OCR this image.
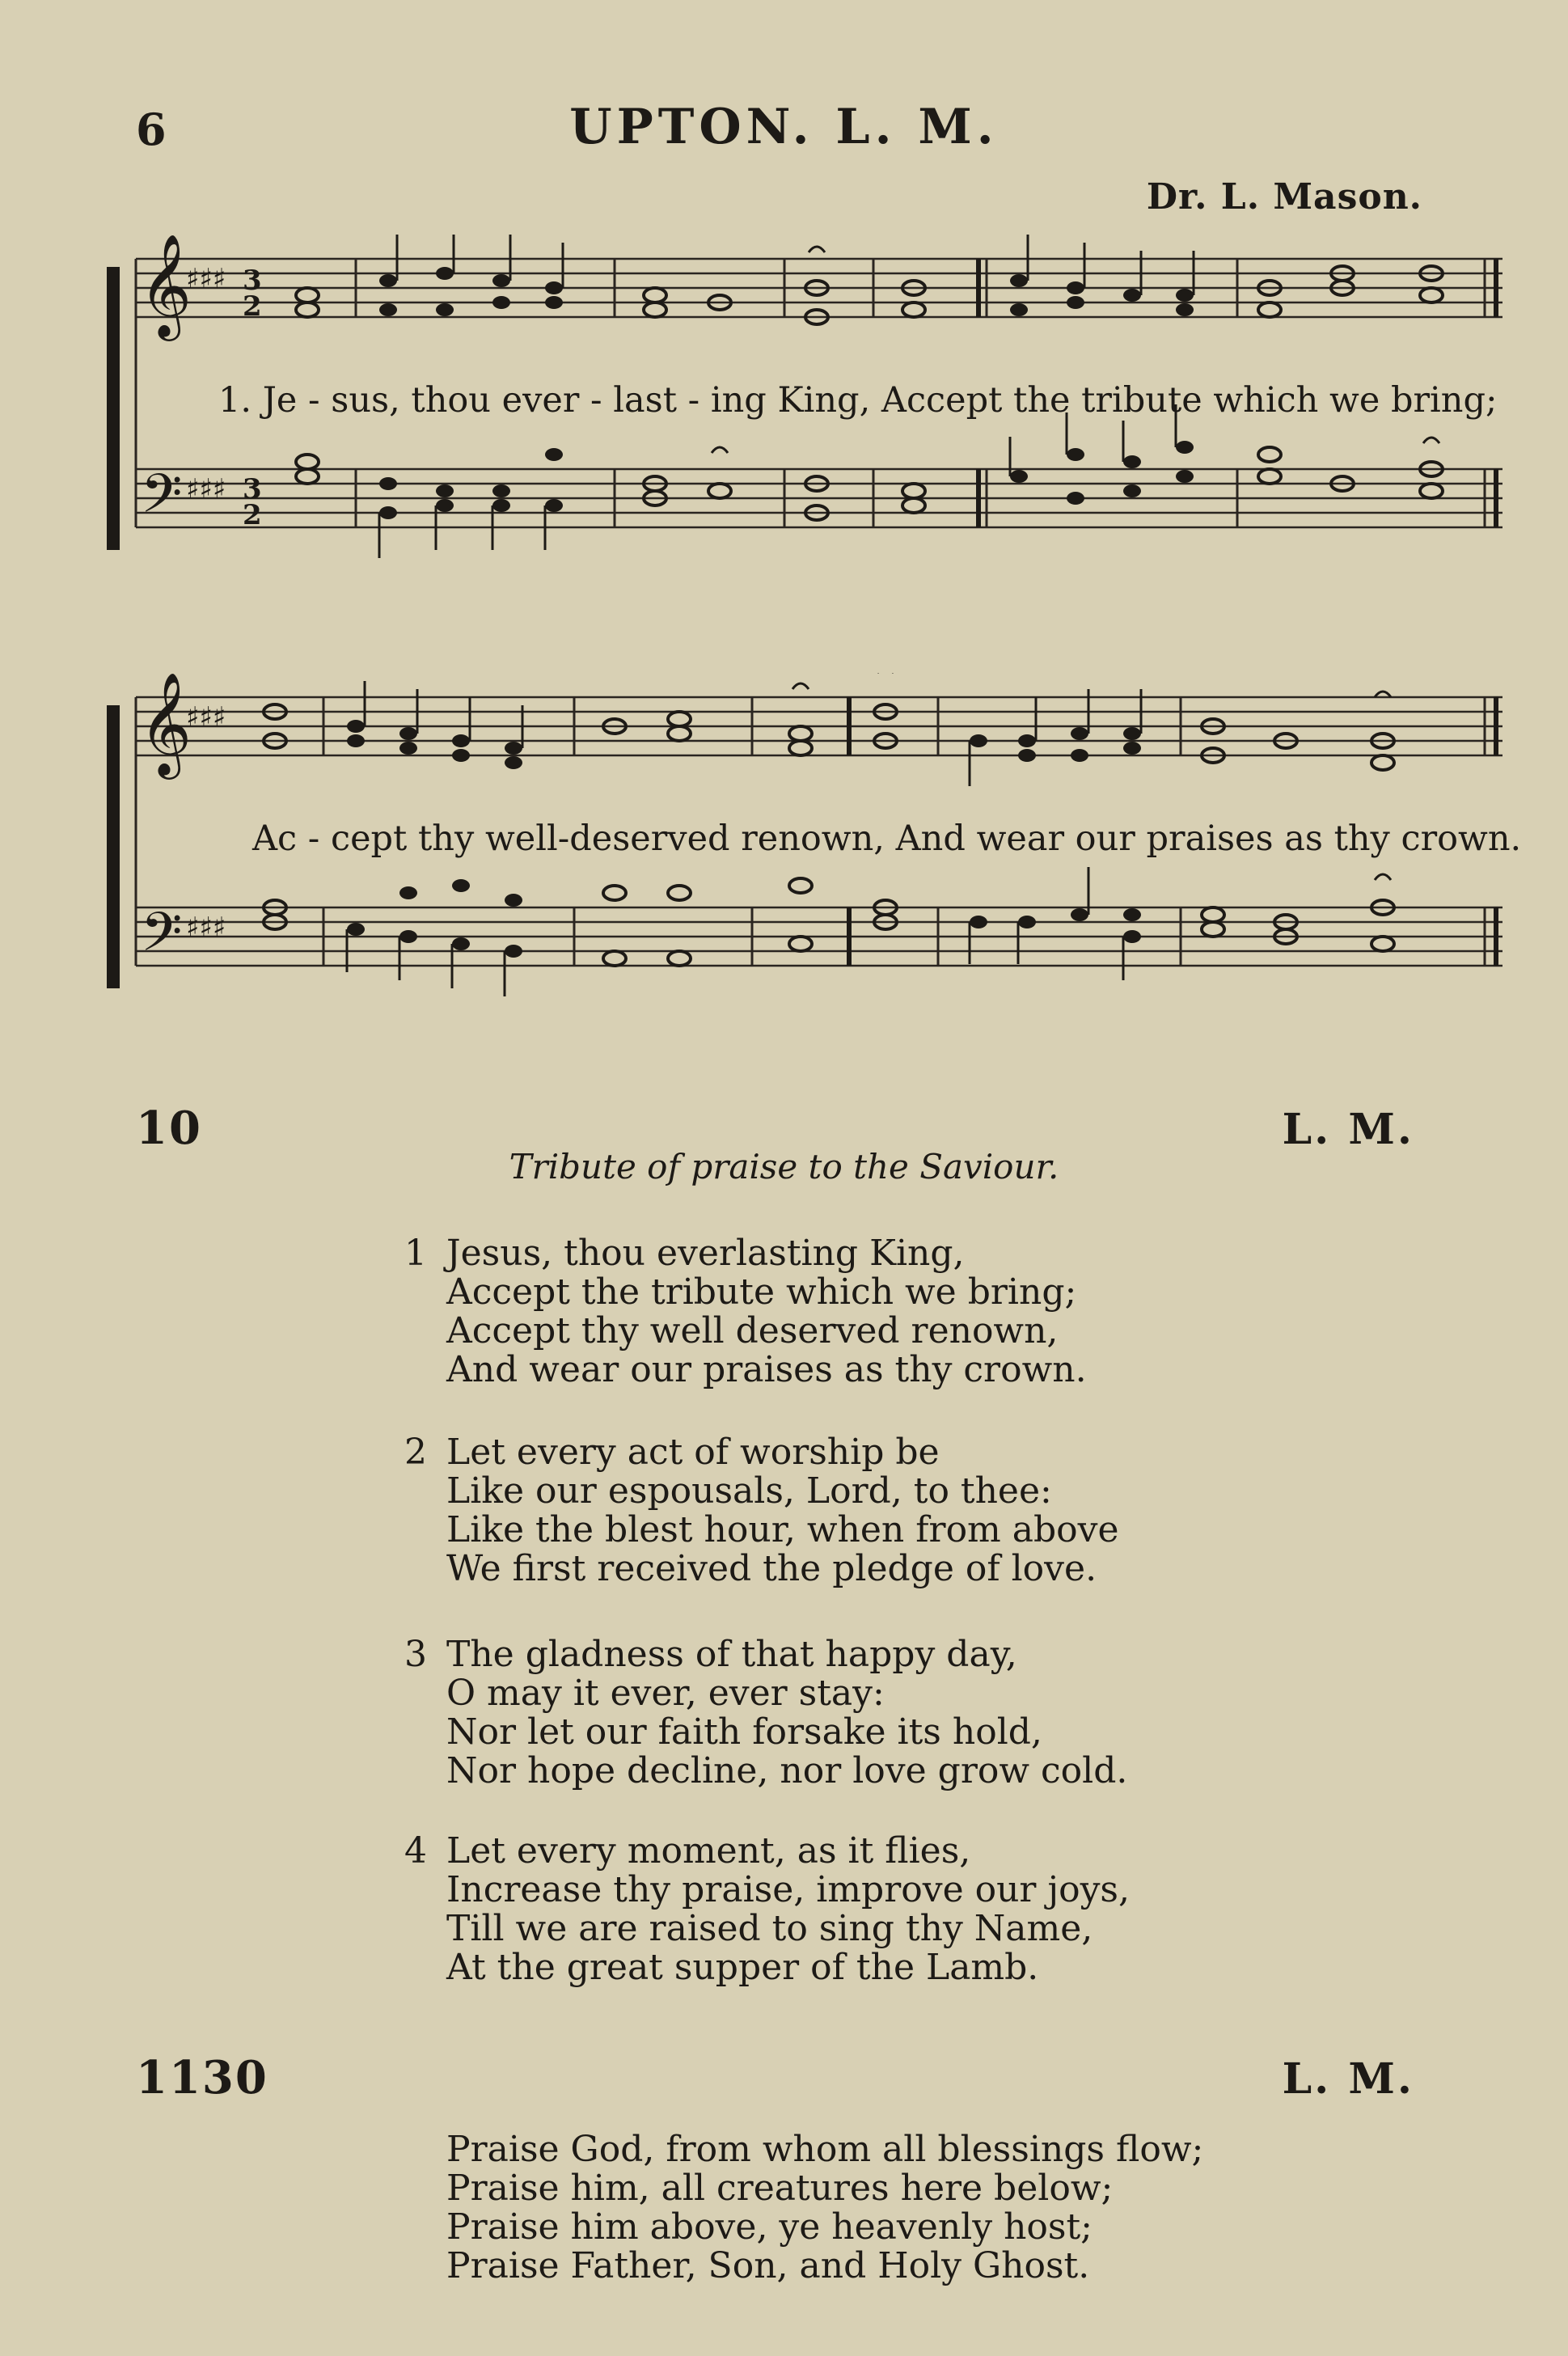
6	UPTON. L. M.
Dr. L. Mason.
𝄞
𝄢
♯♯♯
♯♯♯
3
2
3
2
1. Je - sus, thou ever - last - ing King, Accept the tribute which we bring;
𝄞
𝄢
♯♯♯
♯♯♯
Ac - cept thy well-deserved renown, And wear our praises as thy crown.
10	L. M.
Tribute of praise to the Saviour.
1 Jesus, thou everlasting King,
Accept the tribute which we bring;
Accept thy well deserved renown,
And wear our praises as thy crown.
2 Let every act of worship be
Like our espousals, Lord, to thee:
Like the blest hour, when from above
We first received the pledge of love.
3 The gladness of that happy day,
O may it ever, ever stay:
Nor let our faith forsake its hold,
Nor hope decline, nor love grow cold.
4 Let every moment, as it flies,
Increase thy praise, improve our joys,
Till we are raised to sing thy Name,
At the great supper of the Lamb.
1130	L. M.
Praise God, from whom all blessings flow;
Praise him, all creatures here below;
Praise him above, ye heavenly host;
Praise Father, Son, and Holy Ghost.
